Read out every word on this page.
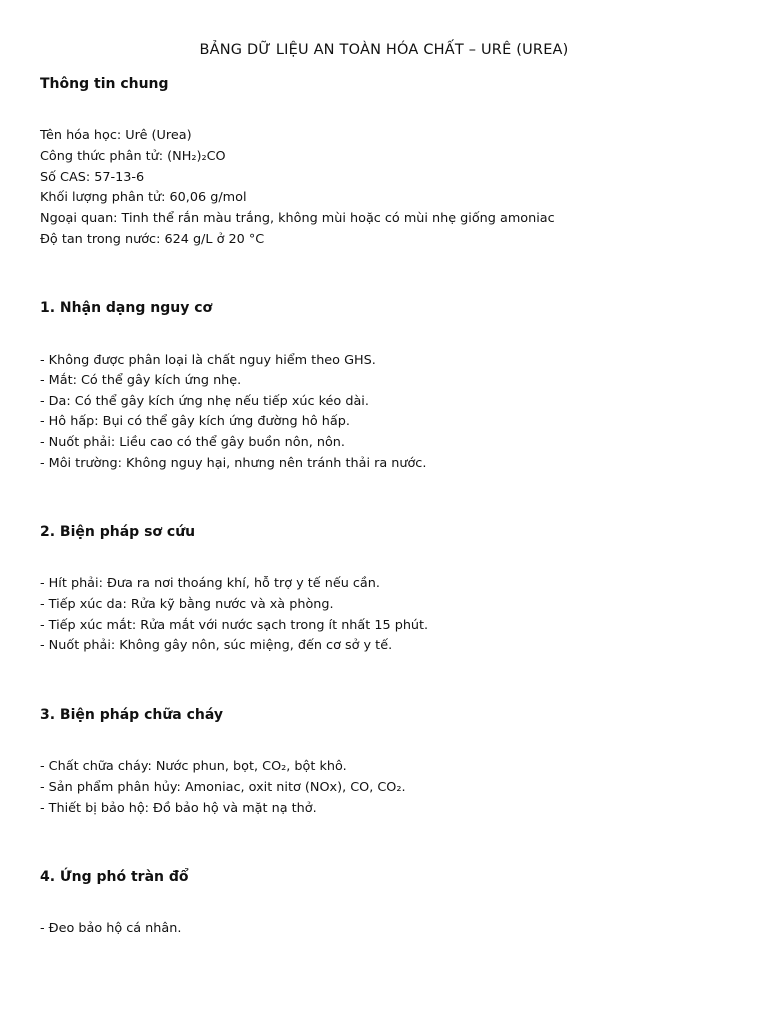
BẢNG DỮ LIỆU AN TOÀN HÓA CHẤT – URÊ (UREA)
Thông tin chung
Tên hóa học: Urê (Urea)
Công thức phân tử: (NH₂)₂CO
Số CAS: 57-13-6
Khối lượng phân tử: 60,06 g/mol
Ngoại quan: Tinh thể rắn màu trắng, không mùi hoặc có mùi nhẹ giống amoniac
Độ tan trong nước: 624 g/L ở 20 °C
1. Nhận dạng nguy cơ
- Không được phân loại là chất nguy hiểm theo GHS.
- Mắt: Có thể gây kích ứng nhẹ.
- Da: Có thể gây kích ứng nhẹ nếu tiếp xúc kéo dài.
- Hô hấp: Bụi có thể gây kích ứng đường hô hấp.
- Nuốt phải: Liều cao có thể gây buồn nôn, nôn.
- Môi trường: Không nguy hại, nhưng nên tránh thải ra nước.
2. Biện pháp sơ cứu
- Hít phải: Đưa ra nơi thoáng khí, hỗ trợ y tế nếu cần.
- Tiếp xúc da: Rửa kỹ bằng nước và xà phòng.
- Tiếp xúc mắt: Rửa mắt với nước sạch trong ít nhất 15 phút.
- Nuốt phải: Không gây nôn, súc miệng, đến cơ sở y tế.
3. Biện pháp chữa cháy
- Chất chữa cháy: Nước phun, bọt, CO₂, bột khô.
- Sản phẩm phân hủy: Amoniac, oxit nitơ (NOx), CO, CO₂.
- Thiết bị bảo hộ: Đồ bảo hộ và mặt nạ thở.
4. Ứng phó tràn đổ
- Đeo bảo hộ cá nhân.
